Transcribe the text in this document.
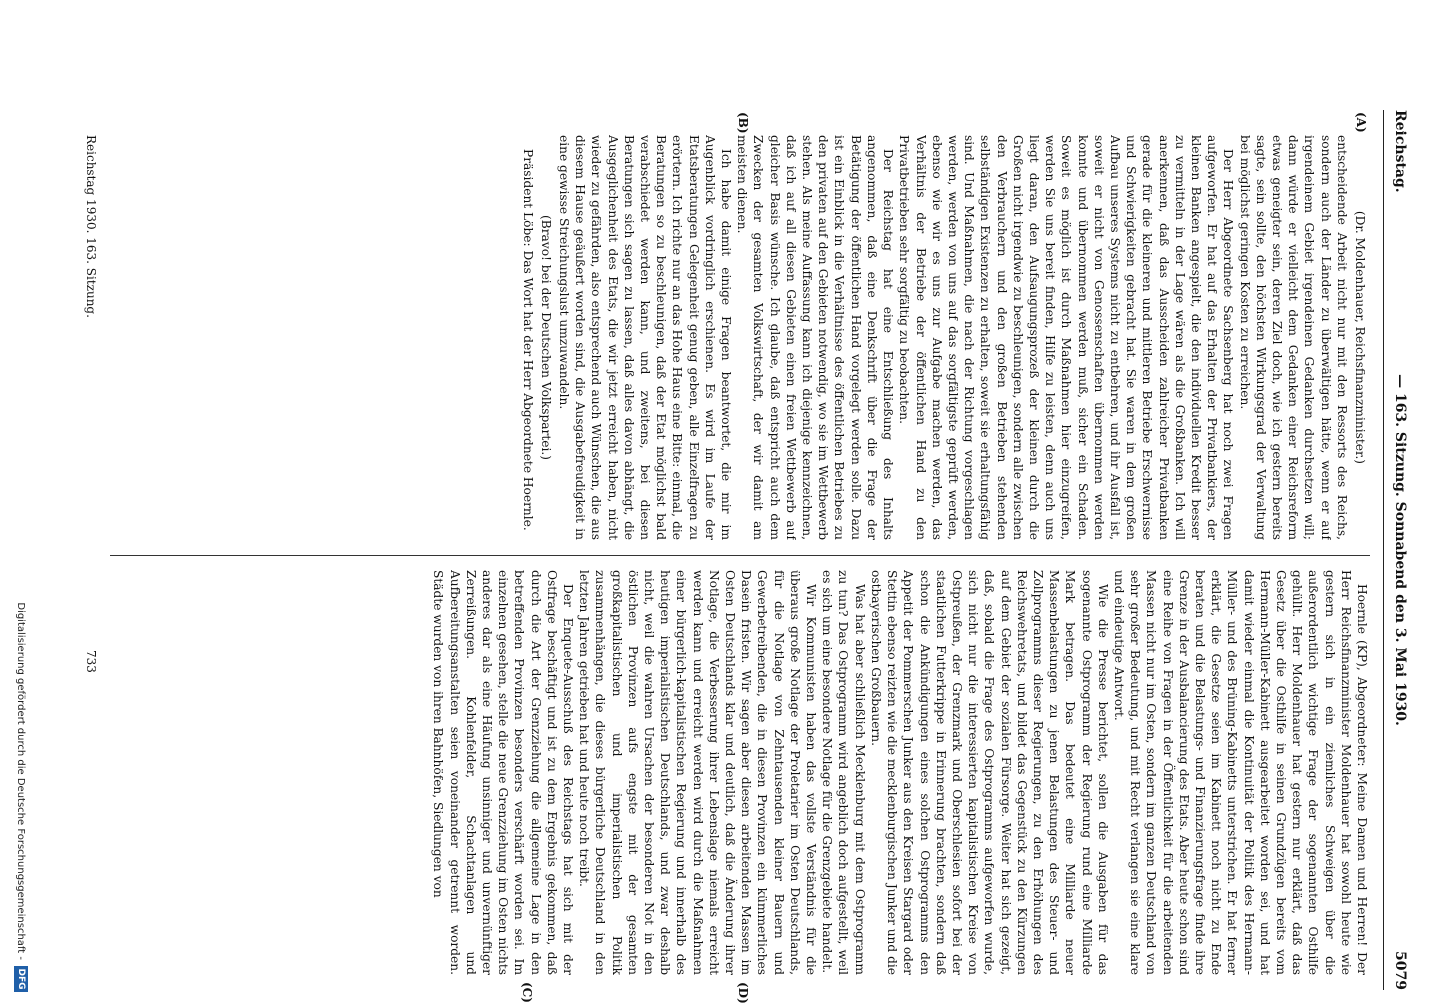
Reichstag.
— 163. Sitzung. Sonnabend den 3. Mai 1930.
5079
(A)
(B)
(C)	(D)

(Dr. Moldenhauer, Reichsfinanzminister.)

entscheidende Arbeit nicht nur mit den Ressorts des Reichs, sondern auch der Länder zu überwältigen hätte, wenn er auf irgendeinem Gebiet irgendeinen Gedanken durchsetzen will; dann würde er vielleicht dem Gedanken einer Reichsreform etwas geneigter sein, deren Ziel doch, wie ich gestern bereits sagte, sein sollte, den höchsten Wirkungsgrad der Verwaltung bei möglichst geringen Kosten zu erreichen.

Der Herr Abgeordnete Sachsenberg hat noch zwei Fragen aufgeworfen. Er hat auf das Erhalten der Privatbankiers, der kleinen Banken angespielt, die den individuellen Kredit besser zu vermitteln in der Lage wären als die Großbanken. Ich will anerkennen, daß das Ausscheiden zahlreicher Privatbanken gerade für die kleineren und mittleren Betriebe Erschwernisse und Schwierigkeiten gebracht hat. Sie waren in dem großen Aufbau unseres Systems nicht zu entbehren, und ihr Ausfall ist, soweit er nicht von Genossenschaften übernommen werden konnte und übernommen werden muß, sicher ein Schaden. Soweit es möglich ist durch Maßnahmen hier einzugreifen, werden Sie uns bereit finden, Hilfe zu leisten, denn auch uns liegt daran, den Aufsaugungsprozeß der kleinen durch die Großen nicht irgendwie zu beschleunigen, sondern alle zwischen den Verbrauchern und den großen Betrieben stehenden selbständigen Existenzen zu erhalten, soweit sie erhaltungsfähig sind. Und Maßnahmen, die nach der Richtung vorgeschlagen werden, werden von uns auf das sorgfältigste geprüft werden, ebenso wie wir es uns zur Aufgabe machen werden, das Verhältnis der Betriebe der öffentlichen Hand zu den Privatbetrieben sehr sorgfältig zu beobachten.

Der Reichstag hat eine Entschließung des Inhalts angenommen, daß eine Denkschrift über die Frage der Betätigung der öffentlichen Hand vorgelegt werden solle. Dazu ist ein Einblick in die Verhältnisse des öffentlichen Betriebes zu den privaten auf den Gebieten notwendig, wo sie im Wettbewerb stehen. Als meine Auffassung kann ich diejenige kennzeichnen, daß ich auf all diesen Gebieten einen freien Wettbewerb auf gleicher Basis wünsche. Ich glaube, daß entspricht auch dem Zwecken der gesamten Volkswirtschaft, der wir damit am meisten dienen.

Ich habe damit einige Fragen beantwortet, die mir im Augenblick vordringlich erschienen. Es wird im Laufe der Etatsberatungen Gelegenheit genug geben, alle Einzelfragen zu erörtern. Ich richte nur an das Hohe Haus eine Bitte: einmal, die Beratungen so zu beschleunigen, daß der Etat möglichst bald verabschiedet werden kann, und zweitens, bei diesen Beratungen sich sagen zu lassen, daß alles davon abhängt, die Ausgeglichenheit des Etats, die wir jetzt erreicht haben, nicht wieder zu gefährden, also entsprechend auch Wünschen, die aus diesem Hause geäußert worden sind, die Ausgabefreudigkeit in eine gewisse Streichungslust umzuwandeln.

(Bravo! bei der Deutschen Volkspartei.)

Präsident Löbe: Das Wort hat der Herr Abgeordnete Hoernle.

Hoernle (KP), Abgeordneter: Meine Damen und Herren! Der Herr Reichsfinanzminister Moldenhauer hat sowohl heute wie gestern sich in ein ziemliches Schweigen über die außerordentlich wichtige Frage der sogenannten Osthilfe gehüllt. Herr Moldenhauer hat gestern nur erklärt, daß das Gesetz über die Osthilfe in seinen Grundzügen bereits vom Hermann-Müller-Kabinett ausgearbeitet worden sei, und hat damit wieder einmal die Kontinuität der Politik des Hermann-Müller- und des Brüning-Kabinetts unterstrichen. Er hat ferner erklärt, die Gesetze seien im Kabinett noch nicht zu Ende beraten und die Belastungs- und Finanzierungsfrage finde ihre Grenze in der Ausbalancierung des Etats. Aber heute schon sind eine Reihe von Fragen in der Öffentlichkeit für die arbeitenden Massen nicht nur im Osten, sondern im ganzen Deutschland von sehr großer Bedeutung, und mit Recht verlangen sie eine klare und eindeutige Antwort.

Wie die Presse berichtet, sollen die Ausgaben für das sogenannte Ostprogramm der Regierung rund eine Milliarde Mark betragen. Das bedeutet eine Milliarde neuer Massenbelastungen zu jenen Belastungen des Steuer- und Zollprogramms dieser Regierungen, zu den Erhöhungen des Reichswehretats, und bildet das Gegenstück zu den Kürzungen auf dem Gebiet der sozialen Fürsorge. Weiter hat sich gezeigt, daß, sobald die Frage des Ostprogramms aufgeworfen wurde, sich nicht nur die interessierten kapitalistischen Kreise von Ostpreußen, der Grenzmark und Oberschlesien sofort bei der staatlichen Futterkrippe in Erinnerung brachten, sondern daß schon die Ankündigungen eines solchen Ostprogramms den Appetit der Pommerschen Junker aus den Kreisen Stargard oder Stettin ebenso reizten wie die mecklenburgischen Junker und die ostbayerischen Großbauern.

Was hat aber schließlich Mecklenburg mit dem Ostprogramm zu tun? Das Ostprogramm wird angeblich doch aufgestellt, weil es sich um eine besondere Notlage für die Grenzgebiete handelt.

Wir Kommunisten haben das vollste Verständnis für die überaus große Notlage der Proletarier im Osten Deutschlands, für die Notlage von Zehntausenden kleiner Bauern und Gewerbetreibenden, die in diesen Provinzen ein kümmerliches Dasein fristen. Wir sagen aber diesen arbeitenden Massen im Osten Deutschlands klar und deutlich, daß die Änderung ihrer Notlage, die Verbesserung ihrer Lebenslage niemals erreicht werden kann und erreicht werden wird durch die Maßnahmen einer bürgerlich-kapitalistischen Regierung und innerhalb des heutigen imperialistischen Deutschlands, und zwar deshalb nicht, weil die wahren Ursachen der besonderen Not in den östlichen Provinzen aufs engste mit der gesamten großkapitalistischen und imperialistischen Politik zusammenhängen, die dieses bürgerliche Deutschland in den letzten Jahren getrieben hat und heute noch treibt.

Der Enquete-Ausschuß des Reichstags hat sich mit der Ostfrage beschäftigt und ist zu dem Ergebnis gekommen, daß durch die Art der Grenzziehung die allgemeine Lage in den betreffenden Provinzen besonders verschärft worden sei. Im einzelnen gesehen, stelle die neue Grenzziehung im Osten nichts anderes dar als eine Häufung unsinniger und unvernünftiger Zerreißungen. Kohlenfelder, Schachtanlagen und Aufbereitungsanstalten seien voneinander getrennt worden. Städte wurden von ihren Bahnhöfen, Siedlungen von

Reichstag 1930. 163. Sitzung.
733
Digitalisierung gefördert durch die Deutsche Forschungsgemeinschaft -
DFG
